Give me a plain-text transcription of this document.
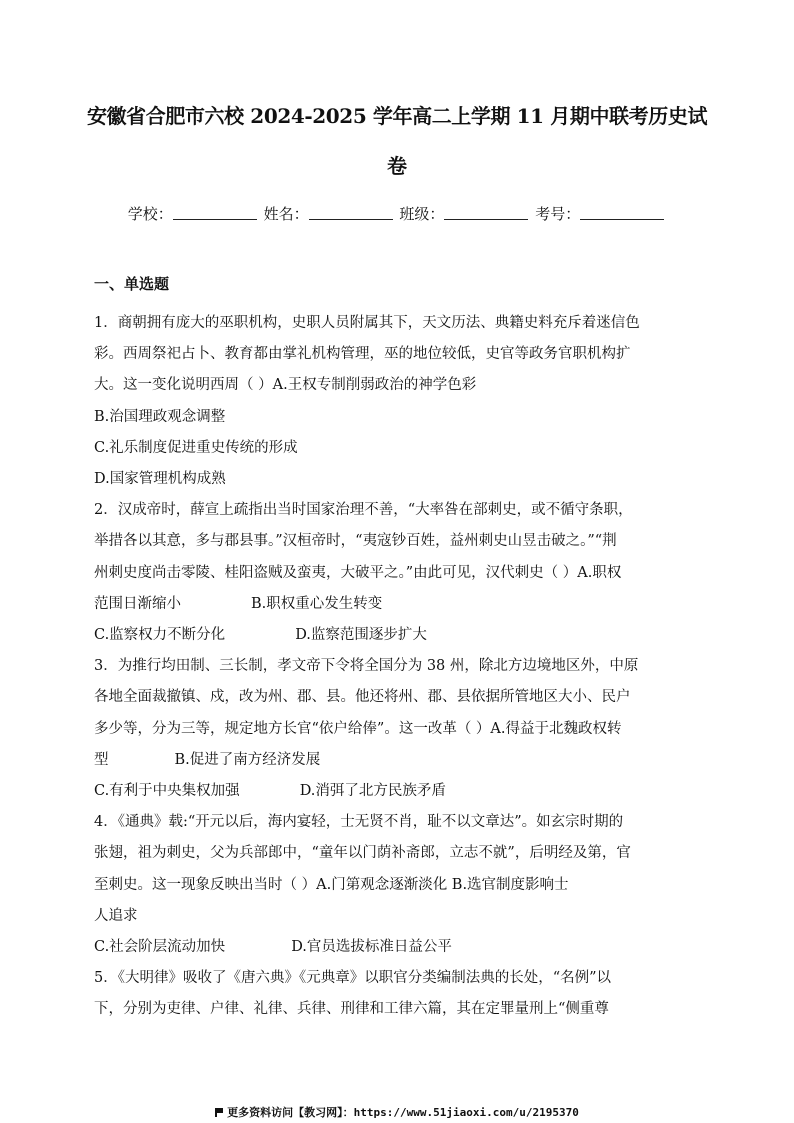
安徽省合肥市六校 2024-2025 学年高二上学期 11 月期中联考历史试
卷
学校：	姓名：	班级：	考号：
一、单选题

1．商朝拥有庞大的巫职机构，史职人员附属其下，天文历法、典籍史料充斥着迷信色

彩。西周祭祀占卜、教育都由掌礼机构管理，巫的地位较低，史官等政务官职机构扩

大。这一变化说明西周（ ）A.王权专制削弱政治的神学色彩

B.治国理政观念调整

C.礼乐制度促进重史传统的形成

D.国家管理机构成熟

2．汉成帝时，薛宣上疏指出当时国家治理不善，“大率咎在部刺史，或不循守条职，

举措各以其意，多与郡县事。”汉桓帝时，“夷寇钞百姓，益州刺史山昱击破之。”“荆

州刺史度尚击零陵、桂阳盗贼及蛮夷，大破平之。”由此可见，汉代刺史（ ）A.职权

范围日渐缩小	B.职权重心发生转变

C.监察权力不断分化	D.监察范围逐步扩大

3．为推行均田制、三长制，孝文帝下令将全国分为 38 州，除北方边境地区外，中原

各地全面裁撤镇、戍，改为州、郡、县。他还将州、郡、县依据所管地区大小、民户

多少等，分为三等，规定地方长官“依户给俸”。这一改革（ ）A.得益于北魏政权转

型	B.促进了南方经济发展

C.有利于中央集权加强	D.消弭了北方民族矛盾

4．《通典》载:“开元以后，海内宴轻，士无贤不肖，耻不以文章达”。如玄宗时期的

张翅，祖为刺史，父为兵部郎中，“童年以门荫补斋郎，立志不就”，后明经及第，官

至刺史。这一现象反映出当时（ ）A.门第观念逐渐淡化 B.选官制度影响士

人追求

C.社会阶层流动加快	D.官员选拔标准日益公平

5．《大明律》吸收了《唐六典》《元典章》以职官分类编制法典的长处，“名例”以

下，分别为吏律、户律、礼律、兵律、刑律和工律六篇，其在定罪量刑上“侧重尊

更多资料访问【教习网】：https://www.51jiaoxi.com/u/2195370
